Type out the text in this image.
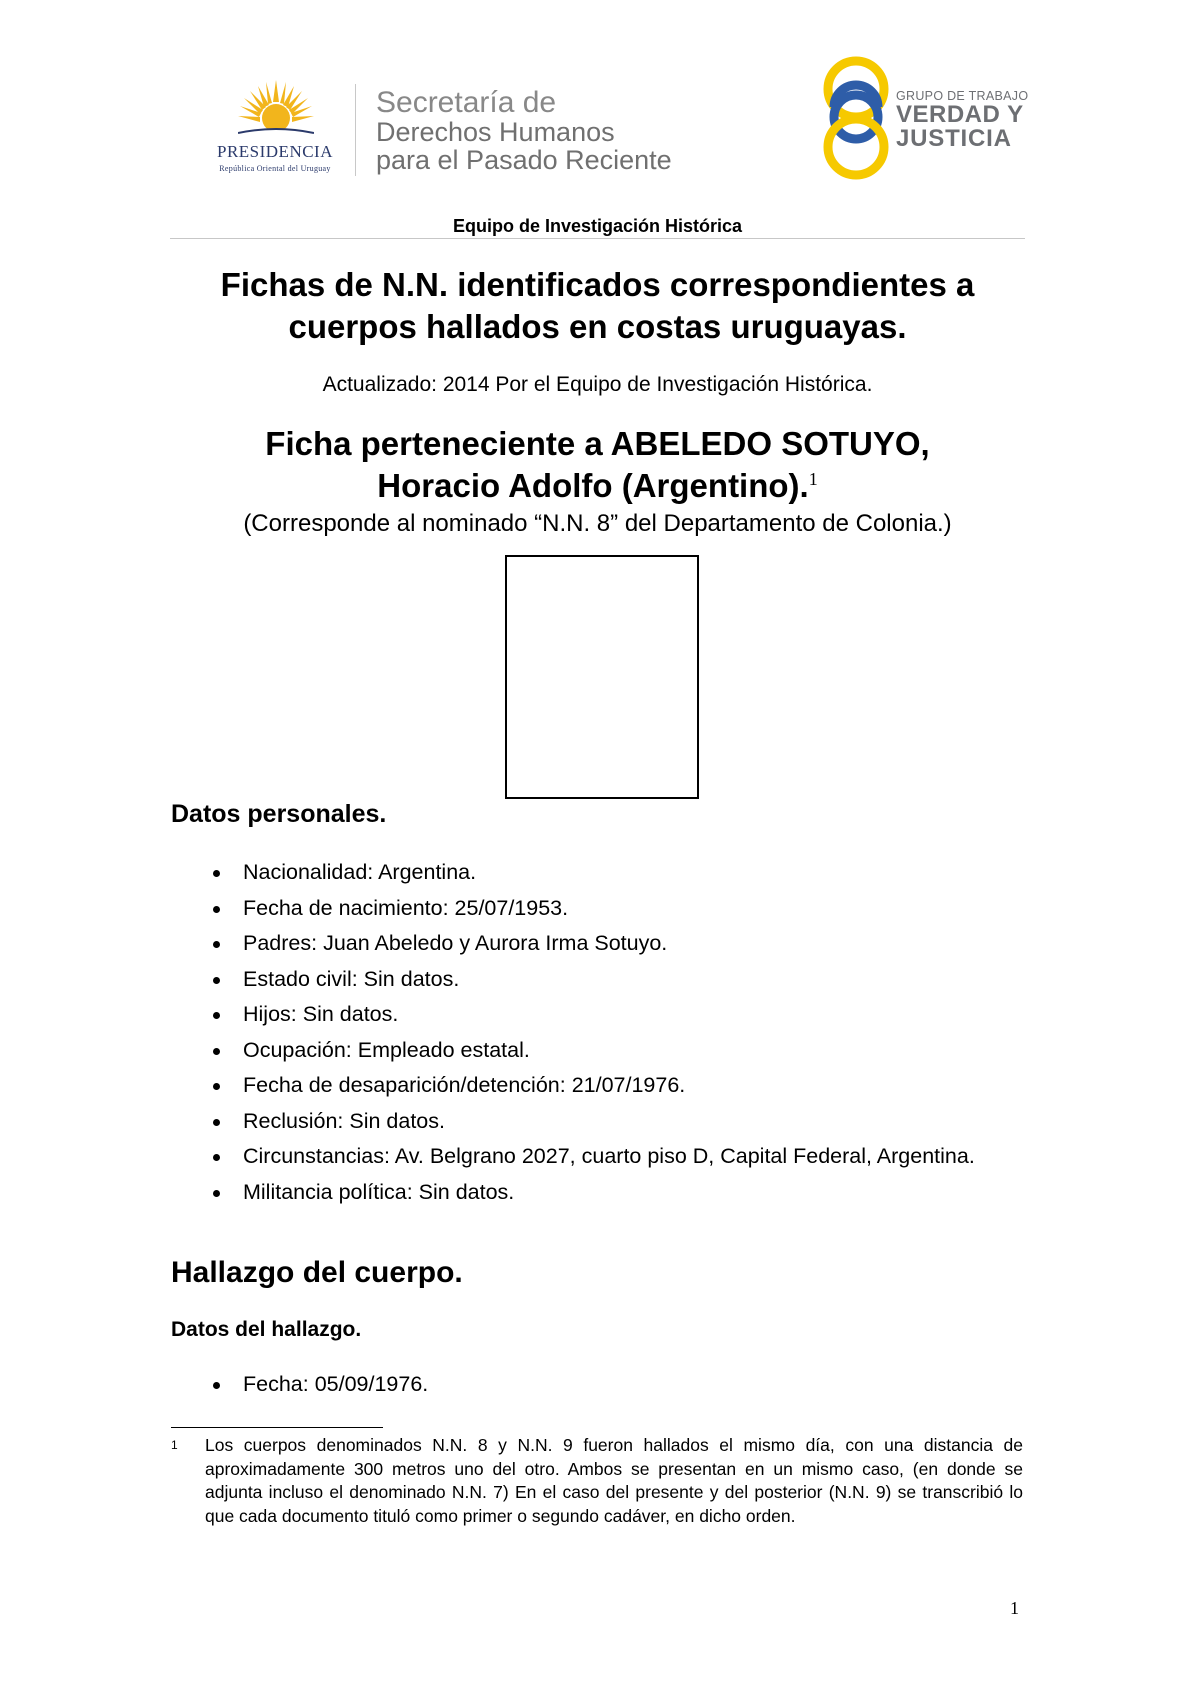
PRESIDENCIA
República Oriental del Uruguay
Secretaría de
Derechos Humanos
para el Pasado Reciente
GRUPO DE TRABAJO
VERDAD Y
JUSTICIA
Equipo de Investigación Histórica
Fichas de N.N. identificados correspondientes a
cuerpos hallados en costas uruguayas.
Actualizado: 2014 Por el Equipo de Investigación Histórica.
Ficha perteneciente a ABELEDO SOTUYO,
Horacio Adolfo (Argentino).$^1$
(Corresponde al nominado “N.N. 8” del Departamento de Colonia.)
Datos personales.
Nacionalidad: Argentina.
Fecha de nacimiento: 25/07/1953.
Padres: Juan Abeledo y Aurora Irma Sotuyo.
Estado civil: Sin datos.
Hijos: Sin datos.
Ocupación: Empleado estatal.
Fecha de desaparición/detención: 21/07/1976.
Reclusión: Sin datos.
Circunstancias: Av. Belgrano 2027, cuarto piso D, Capital Federal, Argentina.
Militancia política: Sin datos.
Hallazgo del cuerpo.
Datos del hallazgo.
Fecha: 05/09/1976.
1 Los cuerpos denominados N.N. 8 y N.N. 9 fueron hallados el mismo día, con una distancia de aproximadamente 300 metros uno del otro. Ambos se presentan en un mismo caso, (en donde se adjunta incluso el denominado N.N. 7) En el caso del presente y del posterior (N.N. 9) se transcribió lo que cada documento tituló como primer o segundo cadáver, en dicho orden.
1
